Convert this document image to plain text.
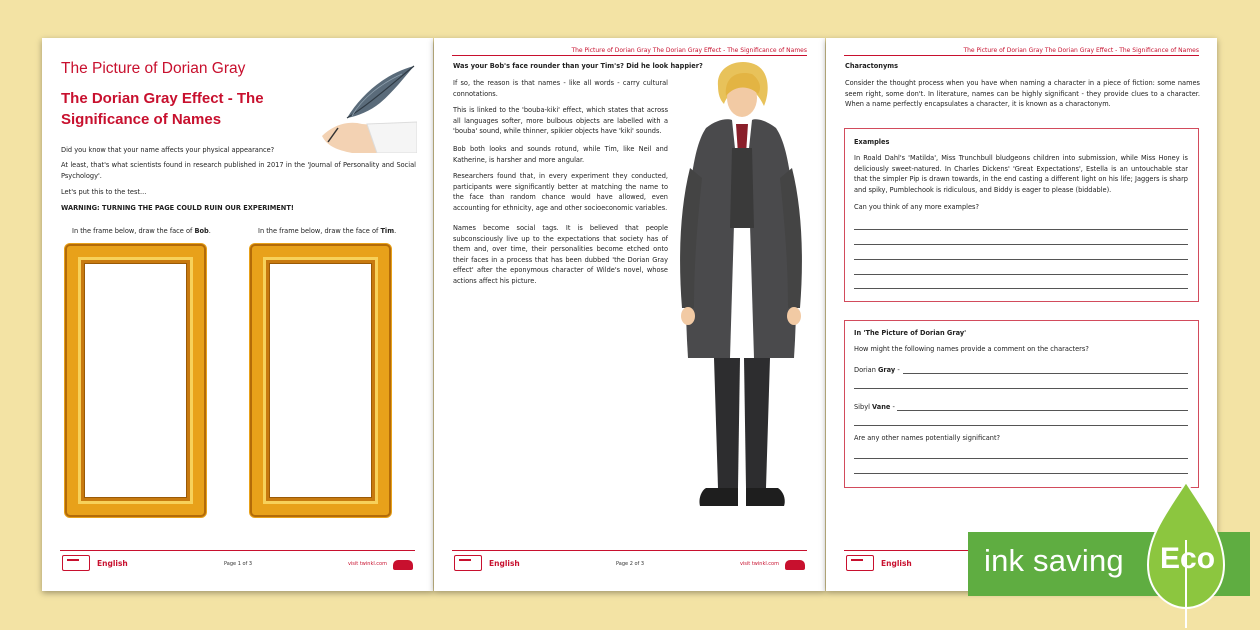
The Picture of Dorian Gray
The Dorian Gray Effect - The Significance of Names
Did you know that your name affects your physical appearance?
At least, that's what scientists found in research published in 2017 in the 'Journal of Personality and Social Psychology'.
Let's put this to the test...
WARNING: TURNING THE PAGE COULD RUIN OUR EXPERIMENT!
In the frame below, draw the face of Bob.	In the frame below, draw the face of Tim.
English	Page 1 of 3	visit twinkl.com
The Picture of Dorian Gray The Dorian Gray Effect - The Significance of Names
Was your Bob's face rounder than your Tim's? Did he look happier?
If so, the reason is that names - like all words - carry cultural connotations.
This is linked to the 'bouba-kiki' effect, which states that across all languages softer, more bulbous objects are labelled with a 'bouba' sound, while thinner, spikier objects have 'kiki' sounds.
Bob both looks and sounds rotund, while Tim, like Neil and Katherine, is harsher and more angular.
Researchers found that, in every experiment they conducted, participants were significantly better at matching the name to the face than random chance would have allowed, even accounting for ethnicity, age and other socioeconomic variables.
Names become social tags. It is believed that people subconsciously live up to the expectations that society has of them and, over time, their personalities become etched onto their faces in a process that has been dubbed 'the Dorian Gray effect' after the eponymous character of Wilde's novel, whose actions affect his picture.
English	Page 2 of 3	visit twinkl.com
The Picture of Dorian Gray The Dorian Gray Effect - The Significance of Names
Charactonyms
Consider the thought process when you have when naming a character in a piece of fiction: some names seem right, some don't. In literature, names can be highly significant - they provide clues to a character. When a name perfectly encapsulates a character, it is known as a charactonym.
Examples
In Roald Dahl's 'Matilda', Miss Trunchbull bludgeons children into submission, while Miss Honey is deliciously sweet-natured. In Charles Dickens' 'Great Expectations', Estella is an untouchable star that the simpler Pip is drawn towards, in the end casting a different light on his life; Jaggers is sharp and spiky, Pumblechook is ridiculous, and Biddy is eager to please (biddable).
Can you think of any more examples?
In 'The Picture of Dorian Gray'
How might the following names provide a comment on the characters?
Dorian Gray -
Sibyl Vane -
Are any other names potentially significant?
English ink saving Eco
